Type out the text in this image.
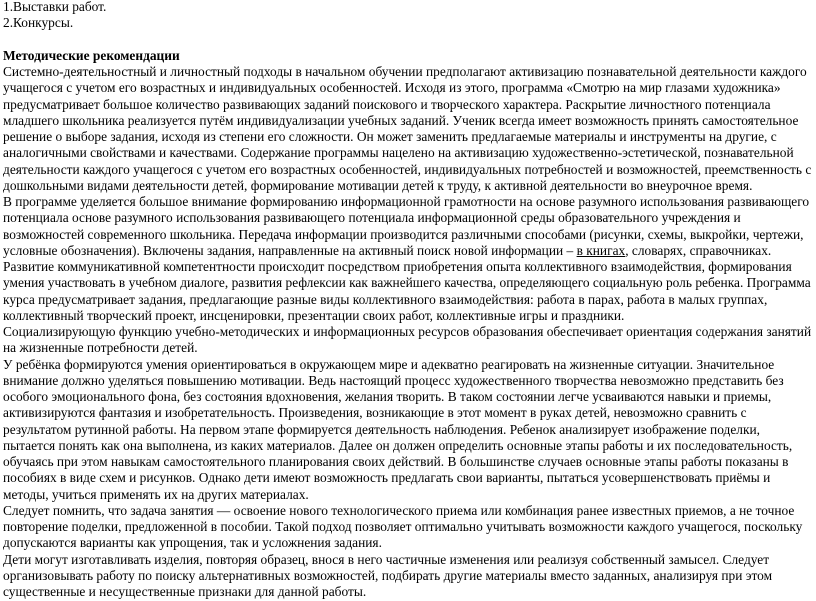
1.Выставки работ.

2.Конкурсы.

Методические рекомендации

Системно-деятельностный и личностный подходы в начальном обучении предполагают активизацию познавательной деятельности каждого учащегося с учетом его возрастных и индивидуальных особенностей. Исходя из этого, программа «Смотрю на мир глазами художника» предусматривает большое количество развивающих заданий поискового и творческого характера. Раскрытие личностного потенциала младшего школьника реализуется путём индивидуализации учебных заданий. Ученик всегда имеет возможность принять самостоятельное решение о выборе задания, исходя из степени его сложности. Он может заменить предлагаемые материалы и инструменты на другие, с аналогичными свойствами и качествами. Содержание программы нацелено на активизацию художественно-эстетической, познавательной деятельности каждого учащегося с учетом его возрастных особенностей, индивидуальных потребностей и возможностей, преемственность с дошкольными видами деятельности детей, формирование мотивации детей к труду, к активной деятельности во внеурочное время.

В программе уделяется большое внимание формированию информационной грамотности на основе разумного использования развивающего потенциала основе разумного использования развивающего потенциала информационной среды образовательного учреждения и возможностей современного школьника. Передача информации производится различными способами (рисунки, схемы, выкройки, чертежи, условные обозначения). Включены задания, направленные на активный поиск новой информации – в книгах, словарях, справочниках.

Развитие коммуникативной компетентности происходит посредством приобретения опыта коллективного взаимодействия, формирования умения участвовать в учебном диалоге, развития рефлексии как важнейшего качества, определяющего социальную роль ребенка. Программа курса предусматривает задания, предлагающие разные виды коллективного взаимодействия: работа в парах, работа в малых группах, коллективный творческий проект, инсценировки, презентации своих работ, коллективные игры и праздники.

Социализирующую функцию учебно-методических и информационных ресурсов образования обеспечивает ориентация содержания занятий на жизненные потребности детей.

У ребёнка формируются умения ориентироваться в окружающем мире и адекватно реагировать на жизненные ситуации. Значительное внимание должно уделяться повышению мотивации. Ведь настоящий процесс художественного творчества невозможно представить без особого эмоционального фона, без состояния вдохновения, желания творить. В таком состоянии легче усваиваются навыки и приемы, активизируются фантазия и изобретательность. Произведения, возникающие в этот момент в руках детей, невозможно сравнить с результатом рутинной работы. На первом этапе формируется деятельность наблюдения. Ребенок анализирует изображение поделки, пытается понять как она выполнена, из каких материалов. Далее он должен определить основные этапы работы и их последовательность, обучаясь при этом навыкам самостоятельного планирования своих действий. В большинстве случаев основные этапы работы показаны в пособиях в виде схем и рисунков. Однако дети имеют возможность предлагать свои варианты, пытаться усовершенствовать приёмы и методы, учиться применять их на других материалах.

Следует помнить, что задача занятия — освоение нового технологического приема или комбинация ранее известных приемов, а не точное повторение поделки, предложенной в пособии. Такой подход позволяет оптимально учитывать возможности каждого учащегося, поскольку допускаются варианты как упрощения, так и усложнения задания.

Дети могут изготавливать изделия, повторяя образец, внося в него частичные изменения или реализуя собственный замысел. Следует организовывать работу по поиску альтернативных возможностей, подбирать другие материалы вместо заданных, анализируя при этом существенные и несущественные признаки для данной работы.
